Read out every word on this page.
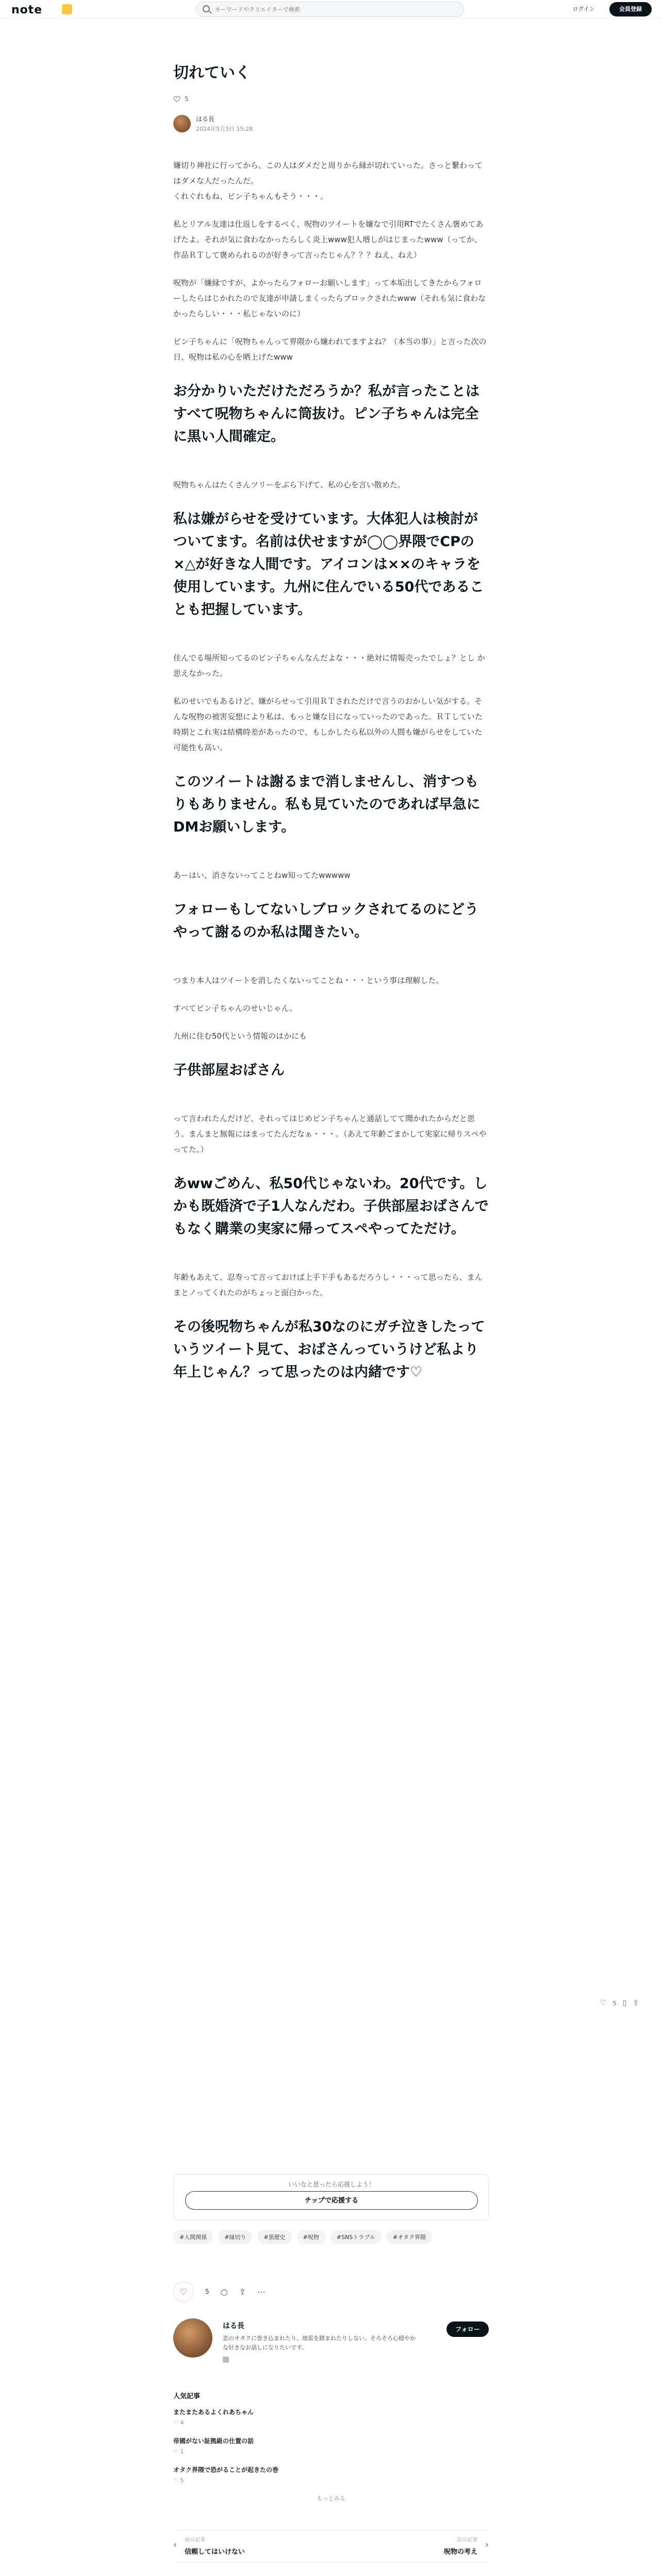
note
キーワードやクリエイターで検索	ログイン	会員登録
切れていく
5
はる長
2024年5月3日 15:28

嫌切り神社に行ってから、この人はダメだと周りから縁が切れていった。さっと繋わってはダメな人だったんだ。
くれぐれもね、ピン子ちゃんもそう・・・。

私とリアル友達は仕返しをするべく、呪物のツイートを嫌なで引用RTでたくさん褒めてあげたよ。それが気に食わなかったらしく炎上www犯人増しがはじまったwww（ってか、作品ＲＴして褒められるのが好きって言ったじゃん？？？ねえ、ねえ）

呪物が「嫌縁ですが、よかったらフォローお願いします」って本垢出してきたからフォローしたらはじかれたので友達が申請しまくったらブロックされたwww（それも気に食わなかったらしい・・・私じゃないのに）

ピン子ちゃんに「呪物ちゃんって界隈から嫌われてますよね？（本当の事）」と言った次の日、呪物は私の心を晒上げたwww

お分かりいただけただろうか？私が言ったことはすべて呪物ちゃんに筒抜け。ピン子ちゃんは完全に黒い人間確定。

呪物ちゃんはたくさんツリーをぶら下げて、私の心を言い散めた。

私は嫌がらせを受けています。大体犯人は検討がついてます。名前は伏せますが◯◯界隈でCPの×△が好きな人間です。アイコンは××のキャラを使用しています。九州に住んでいる50代であることも把握しています。

住んでる場所知ってるのピン子ちゃんなんだよな・・・絶対に情報売ったでしょ？とし か思えなかった。

私のせいでもあるけど、嫌がらせって引用ＲＴされただけで言うのおかしい気がする。そんな呪物の被害妄想により私は、もっと嫌な目になっていったのであった。ＲＴしていた時期とこれ実は結構時差があったので、もしかしたら私以外の人間も嫌がらせをしていた可能性も高い。

このツイートは謝るまで消しませんし、消すつもりもありません。私も見ていたのであれば早急にDMお願いします。

あーはい、消さないってことねw知ってたwwwww

フォローもしてないしブロックされてるのにどうやって謝るのか私は聞きたい。

つまり本人はツイートを消したくないってことね・・・という事は理解した。

すべてピン子ちゃんのせいじゃん。

九州に住む50代という情報のはかにも

子供部屋おばさん

って言われたんだけど、それってはじめピン子ちゃんと通話してて聞かれたからだと思う。まんまと無報にはまってたんだなぁ・・・。（あえて年齢ごまかして実家に帰りスペやってた。）

あwwごめん、私50代じゃないわ。20代です。しかも既婚済で子1人なんだわ。子供部屋おばさんでもなく購業の実家に帰ってスペやってただけ。

年齢もあえて、忍寿って言っておけば上手下手もあるだろうし・・・って思ったら、まんまとノってくれたのがちょっと面白かった。

その後呪物ちゃんが私30なのにガチ泣きしたっていうツイート見て、おばさんっていうけど私より年上じゃん？って思ったのは内緒です♡
♡ 5 ▯ ⇪
いいなと思ったら応援しよう！
チップで応援する
#人間関係	#縁切り	#黒歴史	#呪物	#SNSトラブル	#オタク界隈
♡	5 ○ ⇪ ⋯
はる長
恋のオタクに巻き込まれたり、地雷を踏まれたりしない。そろそろ心穏やかな好きなお話しになりたいです。
フォロー
人気記事
またまたあるよくれあちゃん
♡ 4
帝國がない証拠級の仕置の話
♡ 1
オタク界隈で恐がることが起きたの巻
♡ 5
もっとみる
‹ 前の記事
信頼してはいけない
次の記事
呪物の考え
›
